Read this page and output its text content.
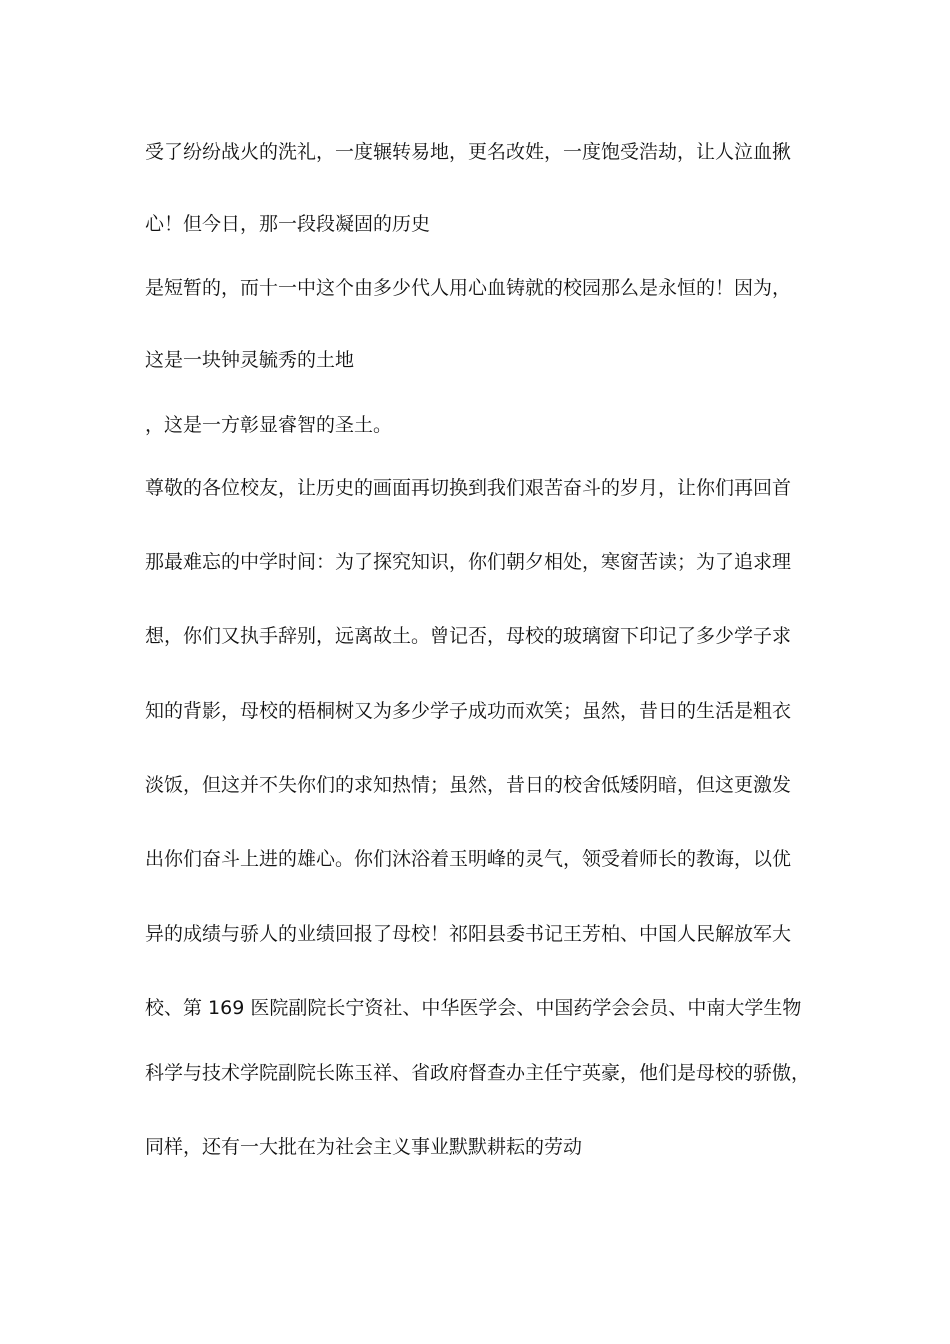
受了纷纷战火的洗礼，一度辗转易地，更名改姓，一度饱受浩劫，让人泣血揪
心！但今日，那一段段凝固的历史
是短暂的，而十一中这个由多少代人用心血铸就的校园那么是永恒的！因为，
这是一块钟灵毓秀的土地
，这是一方彰显睿智的圣土。
尊敬的各位校友，让历史的画面再切换到我们艰苦奋斗的岁月，让你们再回首
那最难忘的中学时间：为了探究知识，你们朝夕相处，寒窗苦读；为了追求理
想，你们又执手辞别，远离故土。曾记否，母校的玻璃窗下印记了多少学子求
知的背影，母校的梧桐树又为多少学子成功而欢笑；虽然，昔日的生活是粗衣
淡饭，但这并不失你们的求知热情；虽然，昔日的校舍低矮阴暗，但这更激发
出你们奋斗上进的雄心。你们沐浴着玉明峰的灵气，领受着师长的教诲，以优
异的成绩与骄人的业绩回报了母校！祁阳县委书记王芳柏、中国人民解放军大
校、第 169 医院副院长宁资社、中华医学会、中国药学会会员、中南大学生物
科学与技术学院副院长陈玉祥、省政府督查办主任宁英豪，他们是母校的骄傲，
同样，还有一大批在为社会主义事业默默耕耘的劳动
